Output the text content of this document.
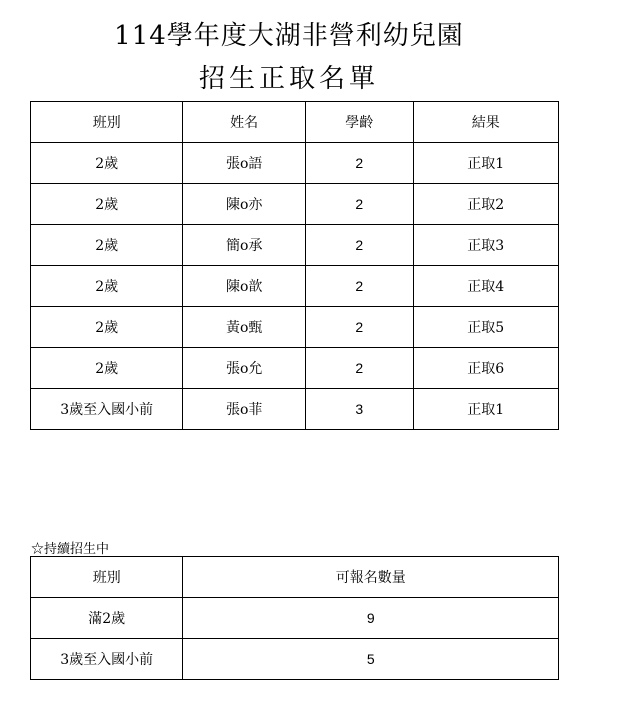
114學年度大湖非營利幼兒園
招生正取名單
班別	姓名	學齡	結果
2歲	張o語	2	正取1
2歲	陳o亦	2	正取2
2歲	簡o承	2	正取3
2歲	陳o歆	2	正取4
2歲	黃o甄	2	正取5
2歲	張o允	2	正取6
3歲至入國小前	張o菲	3	正取1
☆持續招生中
班別	可報名數量
滿2歲	9
3歲至入國小前	5
